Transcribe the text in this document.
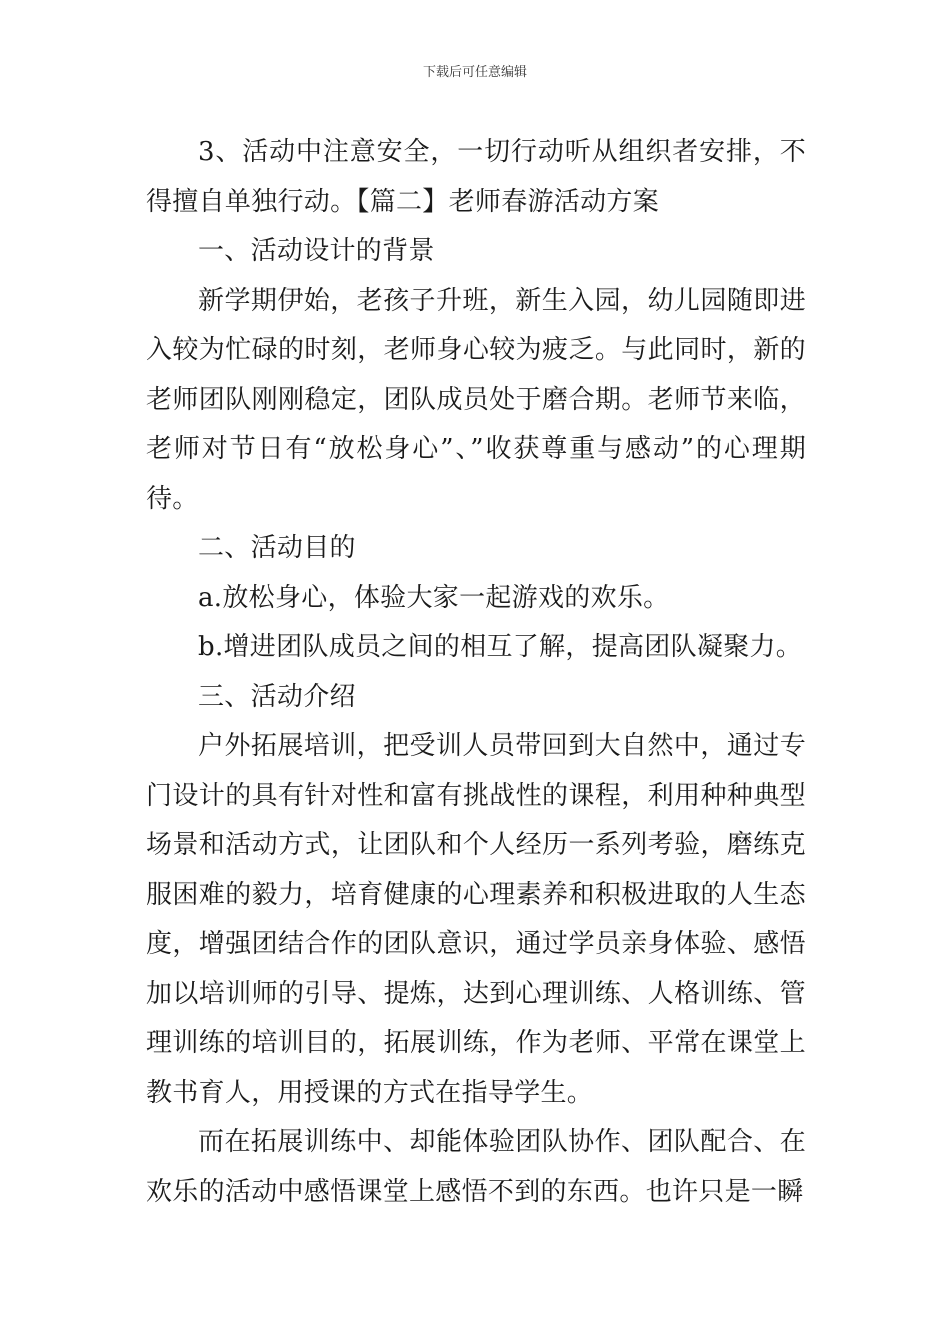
下载后可任意编辑

3、活动中注意安全，一切行动听从组织者安排，不得擅自单独行动。【篇二】老师春游活动方案

一、活动设计的背景

新学期伊始，老孩子升班，新生入园，幼儿园随即进入较为忙碌的时刻，老师身心较为疲乏。与此同时，新的老师团队刚刚稳定，团队成员处于磨合期。老师节来临，老师对节日有“放松身心”、”收获尊重与感动”的心理期待。

二、活动目的

a.放松身心，体验大家一起游戏的欢乐。

b.增进团队成员之间的相互了解，提高团队凝聚力。

三、活动介绍

户外拓展培训，把受训人员带回到大自然中，通过专门设计的具有针对性和富有挑战性的课程，利用种种典型场景和活动方式，让团队和个人经历一系列考验，磨练克服困难的毅力，培育健康的心理素养和积极进取的人生态度，增强团结合作的团队意识，通过学员亲身体验、感悟加以培训师的引导、提炼，达到心理训练、人格训练、管理训练的培训目的，拓展训练，作为老师、平常在课堂上教书育人，用授课的方式在指导学生。

而在拓展训练中、却能体验团队协作、团队配合、在欢乐的活动中感悟课堂上感悟不到的东西。也许只是一瞬
